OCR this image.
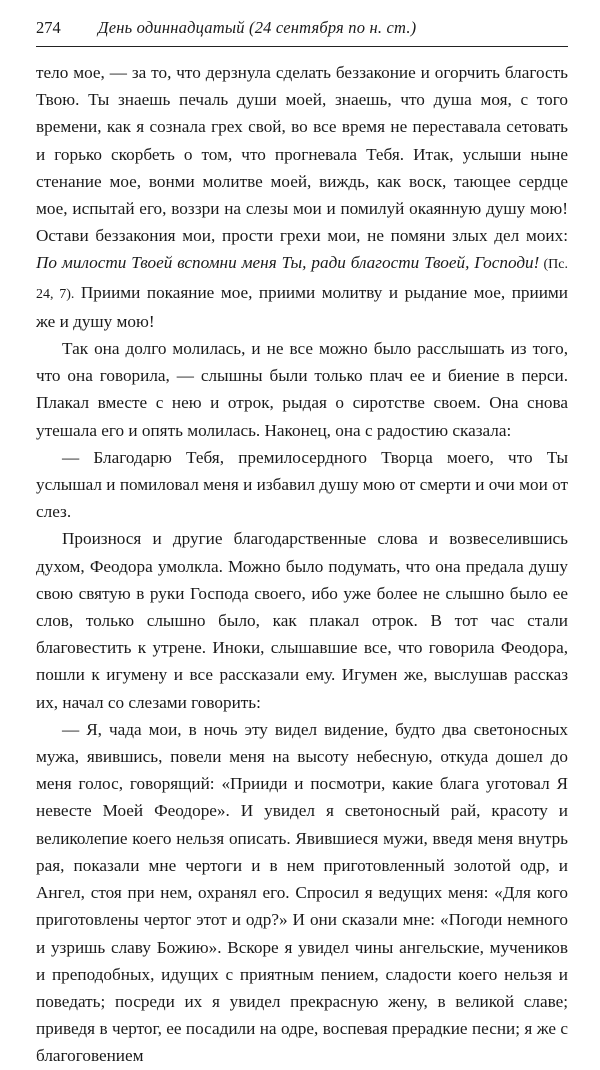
274	День одиннадцатый (24 сентября по н. ст.)

тело мое, — за то, что дерзнула сделать беззаконие и огорчить благость Твою. Ты знаешь печаль души моей, знаешь, что душа моя, с того времени, как я сознала грех свой, во все время не переставала сетовать и горько скорбеть о том, что прогневала Тебя. Итак, услыши ныне стенание мое, вонми молитве моей, виждь, как воск, тающее сердце мое, испытай его, воззри на слезы мои и помилуй окаянную душу мою! Остави беззакония мои, прости грехи мои, не помяни злых дел моих: По милости Твоей вспомни меня Ты, ради благости Твоей, Господи! (Пс. 24, 7). Приими покаяние мое, приими молитву и рыдание мое, приими же и душу мою!

Так она долго молилась, и не все можно было расслышать из того, что она говорила, — слышны были только плач ее и биение в перси. Плакал вместе с нею и отрок, рыдая о сиротстве своем. Она снова утешала его и опять молилась. Наконец, она с радостию сказала:

— Благодарю Тебя, премилосердного Творца моего, что Ты услышал и помиловал меня и избавил душу мою от смерти и очи мои от слез.

Произнося и другие благодарственные слова и возвеселившись духом, Феодора умолкла. Можно было подумать, что она предала душу свою святую в руки Господа своего, ибо уже более не слышно было ее слов, только слышно было, как плакал отрок. В тот час стали благовестить к утрене. Иноки, слышавшие все, что говорила Феодора, пошли к игумену и все рассказали ему. Игумен же, выслушав рассказ их, начал со слезами говорить:

— Я, чада мои, в ночь эту видел видение, будто два светоносных мужа, явившись, повели меня на высоту небесную, откуда дошел до меня голос, говорящий: «Прииди и посмотри, какие блага уготовал Я невесте Моей Феодоре». И увидел я светоносный рай, красоту и великолепие коего нельзя описать. Явившиеся мужи, введя меня внутрь рая, показали мне чертоги и в нем приготовленный золотой одр, и Ангел, стоя при нем, охранял его. Спросил я ведущих меня: «Для кого приготовлены чертог этот и одр?» И они сказали мне: «Погоди немного и узришь славу Божию». Вскоре я увидел чины ангельские, мучеников и преподобных, идущих с приятным пением, сладости коего нельзя и поведать; посреди их я увидел прекрасную жену, в великой славе; приведя в чертог, ее посадили на одре, воспевая прерадкие песни; я же с благоговением
